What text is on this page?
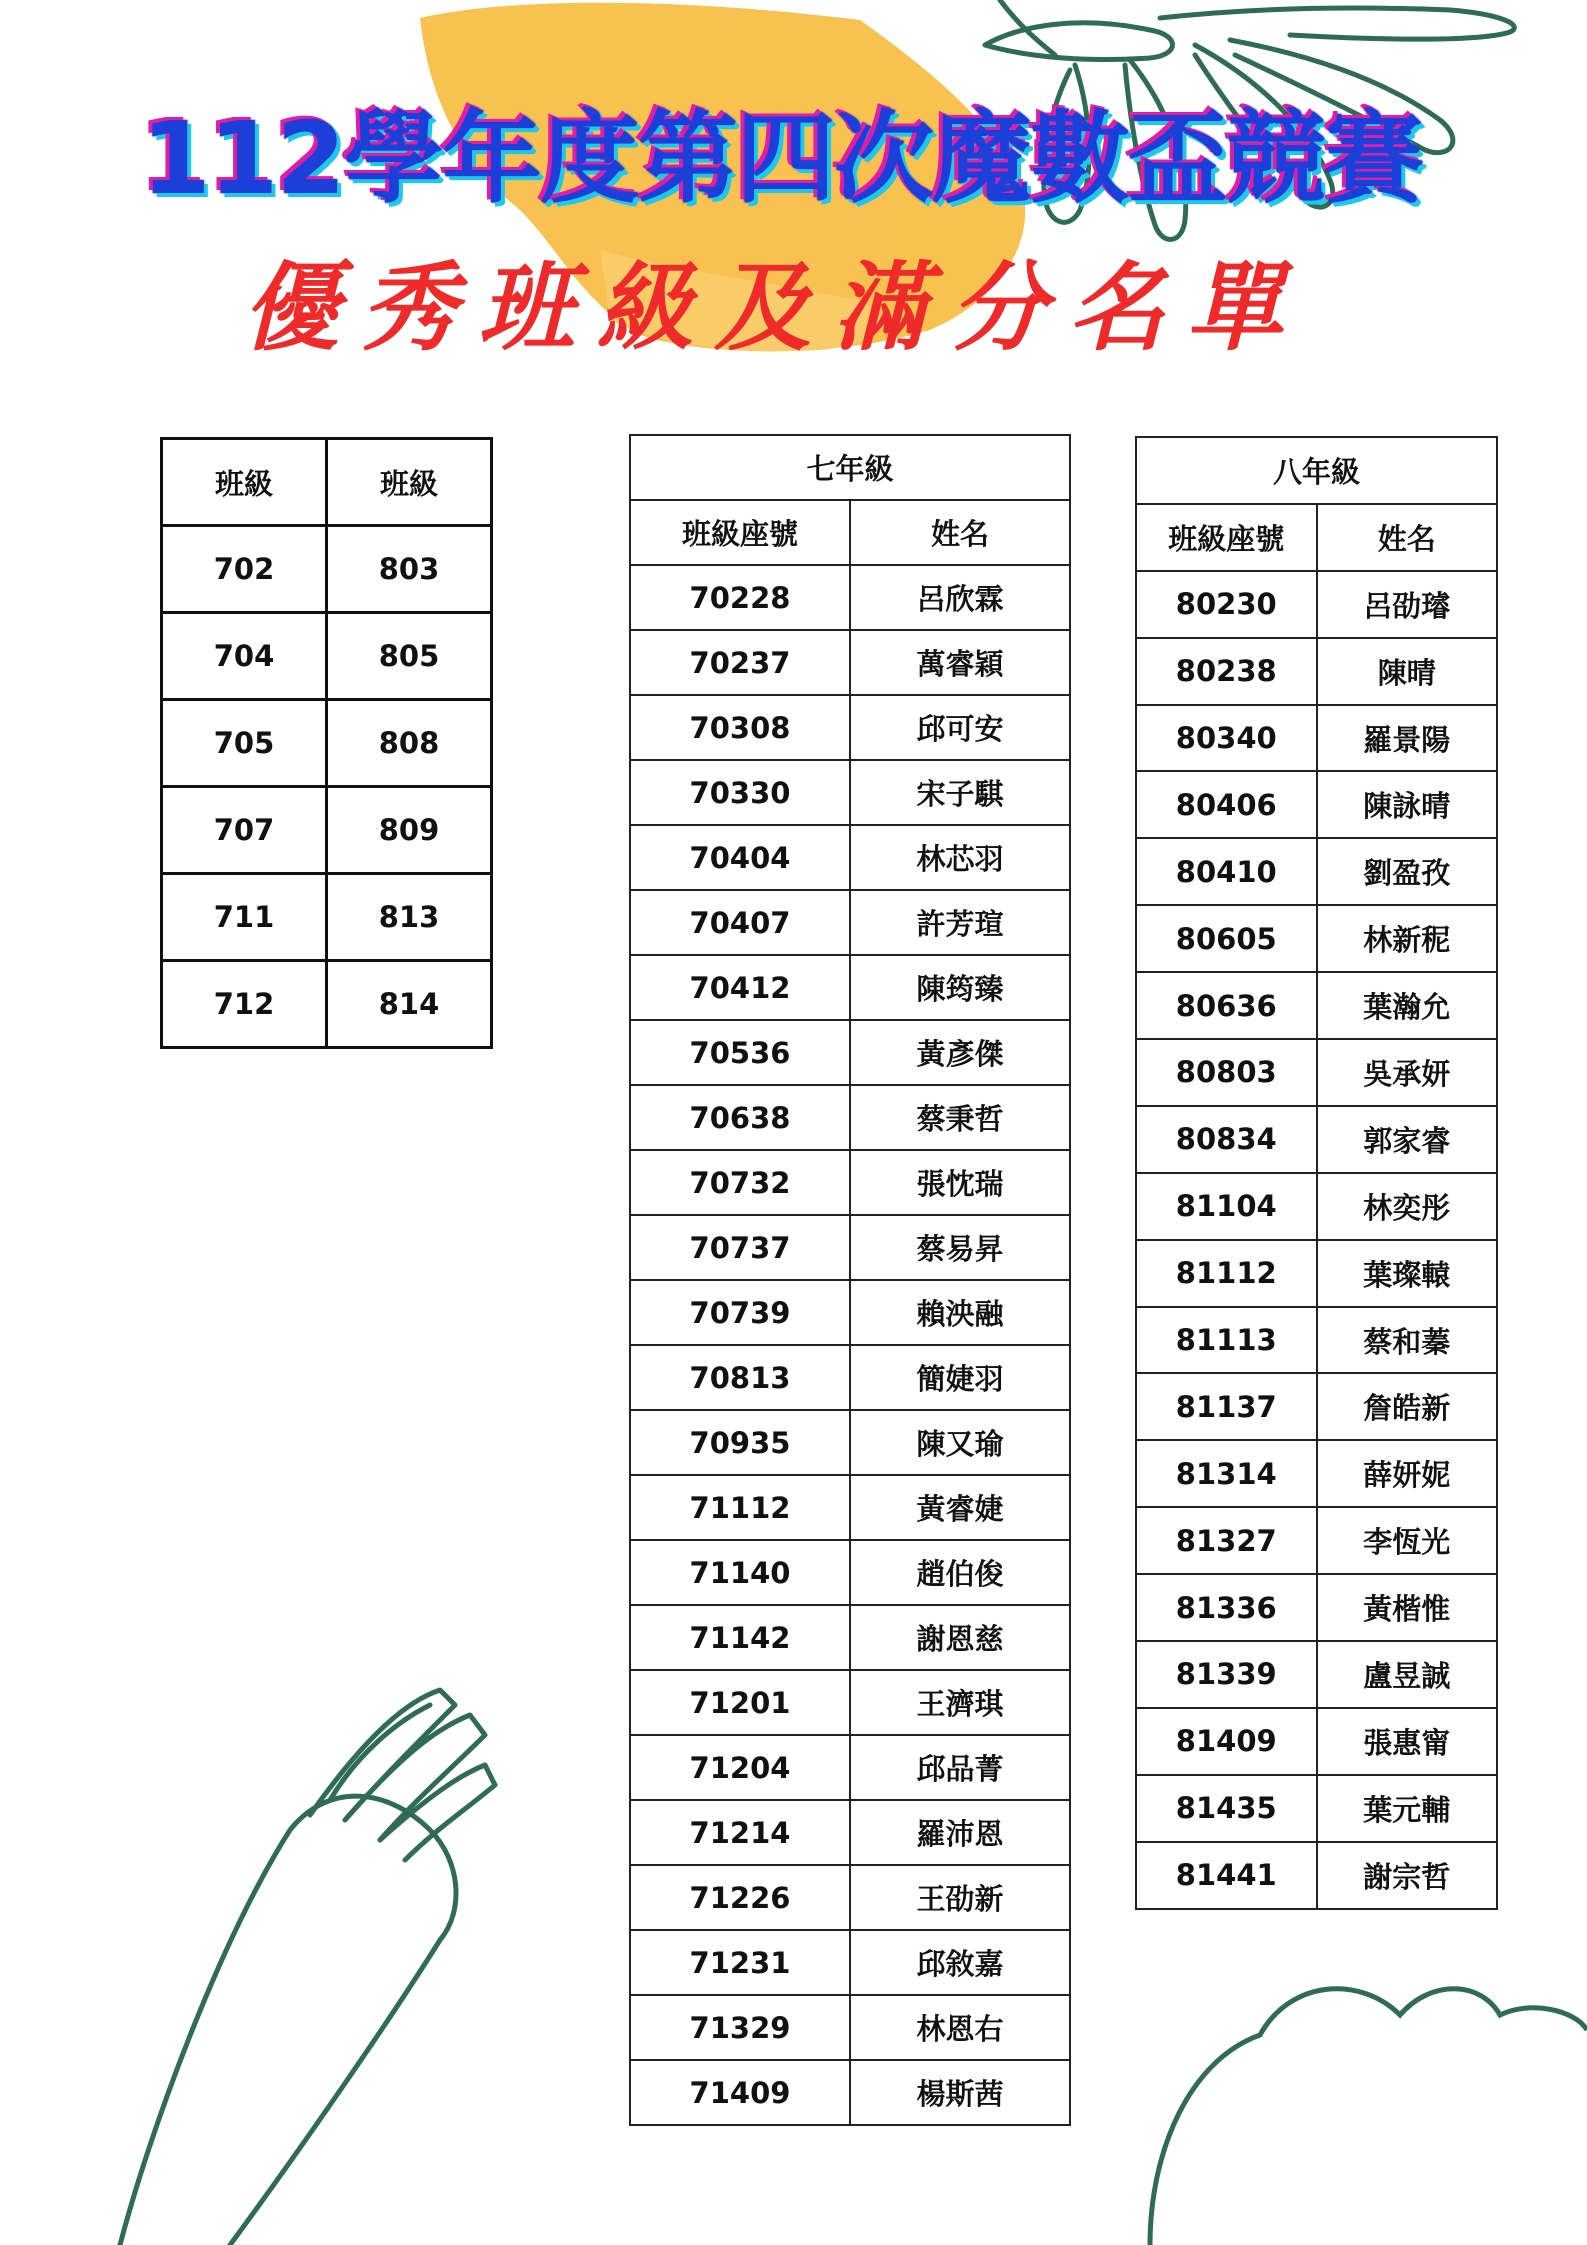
112學年度第四次魔數盃競賽
優秀班級及滿分名單
班級	班級
702	803
704	805
705	808
707	809
711	813
712	814
七年級	
班級座號	姓名
70228	呂欣霖
70237	萬睿穎
70308	邱可安
70330	宋子騏
70404	林芯羽
70407	許芳瑄
70412	陳筠臻
70536	黃彥傑
70638	蔡秉哲
70732	張忱瑞
70737	蔡易昇
70739	賴泱融
70813	簡婕羽
70935	陳又瑜
71112	黃睿婕
71140	趙伯俊
71142	謝恩慈
71201	王濟琪
71204	邱品菁
71214	羅沛恩
71226	王劭新
71231	邱敘嘉
71329	林恩右
71409	楊斯茜
八年級	
班級座號	姓名
80230	呂劭璿
80238	陳晴
80340	羅景陽
80406	陳詠晴
80410	劉盈孜
80605	林新秜
80636	葉瀚允
80803	吳承妍
80834	郭家睿
81104	林奕彤
81112	葉璨轅
81113	蔡和蓁
81137	詹皓新
81314	薛妍妮
81327	李恆光
81336	黃楷惟
81339	盧昱誠
81409	張惠甯
81435	葉元輔
81441	謝宗哲
